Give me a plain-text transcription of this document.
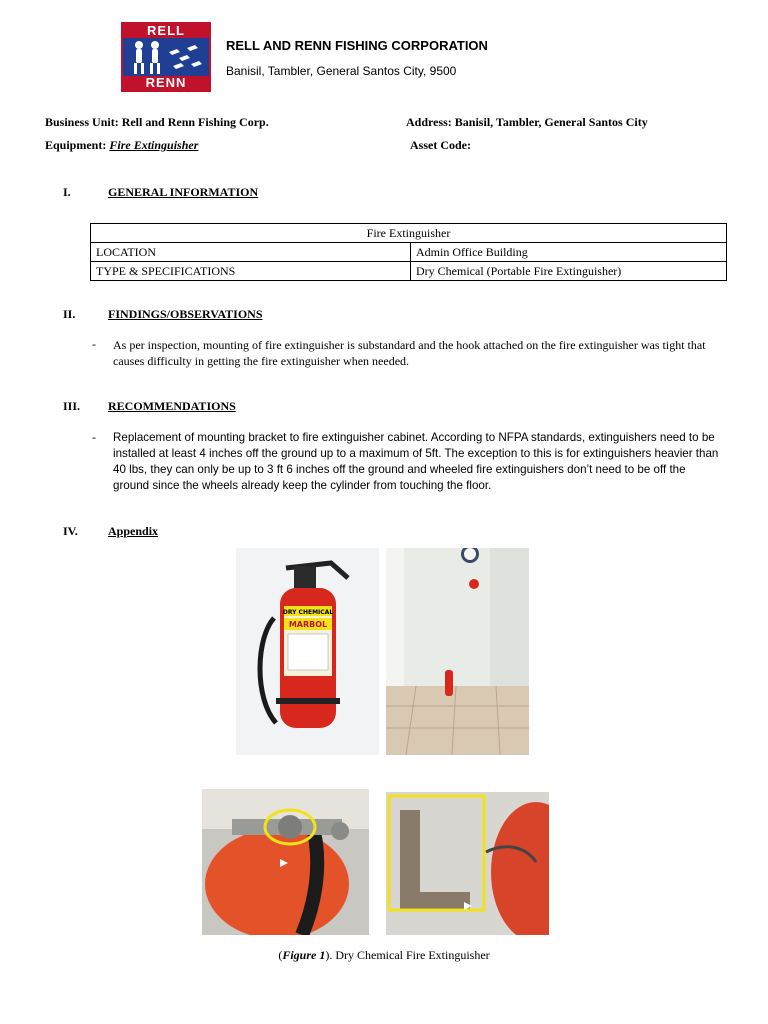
RELL
RENN
RELL AND RENN FISHING CORPORATION
Banisil, Tambler, General Santos City, 9500
Business Unit: Rell and Renn Fishing Corp.	Address: Banisil, Tambler, General Santos City
Equipment: Fire Extinguisher	Asset Code:
I.	GENERAL INFORMATION
Fire Extinguisher	
LOCATION	Admin Office Building
TYPE & SPECIFICATIONS	Dry Chemical (Portable Fire Extinguisher)
II.	FINDINGS/OBSERVATIONS
- As per inspection, mounting of fire extinguisher is substandard and the hook attached on the fire extinguisher was tight that causes difficulty in getting the fire extinguisher when needed.
III. RECOMMENDATIONS
- Replacement of mounting bracket to fire extinguisher cabinet. According to NFPA standards, extinguishers need to be installed at least 4 inches off the ground up to a maximum of 5ft. The exception to this is for extinguishers heavier than 40 lbs, they can only be up to 3 ft 6 inches off the ground and wheeled fire extinguishers don’t need to be off the ground since the wheels already keep the cylinder from touching the floor.
IV.	Appendix
DRY CHEMICAL
MARBOL
(Figure 1). Dry Chemical Fire Extinguisher
